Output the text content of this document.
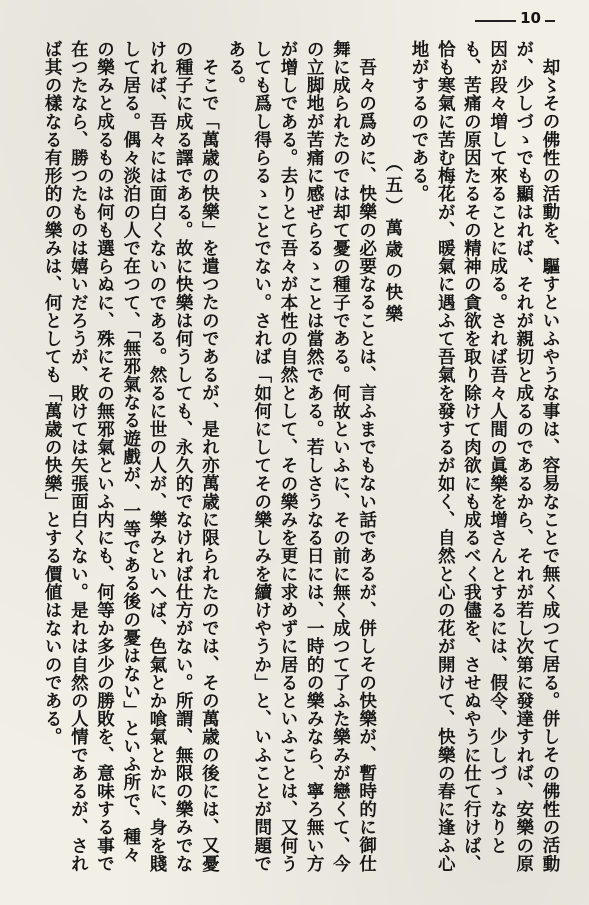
10

却〻その佛性の活動を、驅すといふやうな事は、容易なことで無く成つて居る。併しその佛性の活動が、少しづゝでも顯はれば、それが親切と成るのであるから、それが若し次第に發達すれば、安樂の原因が段々増して來ることに成る。されば吾々人間の眞樂を增さんとするには、假令、少しづゝなりとも、苦痛の原因たるその精神の貪欲を取り除けて肉欲にも成るべく我儘を、させぬやうに仕て行けば、恰も寒氣に苦む梅花が、暖氣に遇ふて吾氣を發するが如く、自然と心の花が開けて、快樂の春に逢ふ心地がするのである。

（五）萬歳の快樂

吾々の爲めに、快樂の必要なることは、言ふまでもない話であるが、併しその快樂が、暫時的に御仕舞に成られたのでは却て憂の種子である。何故といふに、その前に無く成つて了ふた樂みが戀くて、今の立脚地が苦痛に感ぜらるゝことは當然である。若しさうなる日には、一時的の樂みなら、寧ろ無い方が增しである。去りとて吾々が本性の自然として、その樂みを更に求めずに居るといふことは、又何うしても爲し得らるゝことでない。されば「如何にしてその樂しみを續けやうか」と、いふことが問題である。

そこで「萬歳の快樂」を遣つたのであるが、是れ亦萬歳に限られたのでは、その萬歳の後には、又憂の種子に成る譯である。故に快樂は何うしても、永久的でなければ仕方がない。所謂、無限の樂みでなければ、吾々には面白くないのである。然るに世の人が、樂みといへば、色氣とか喰氣とかに、身を賤して居る。偶々淡泊の人で在つて、「無邪氣なる遊戲が、一等である後の憂はない」といふ所で、種々の樂みと成るものは何も選らぬに、殊にその無邪氣といふ内にも、何等か多少の勝敗を、意味する事で在つたなら、勝つたものは嬉いだろうが、敗けては矢張面白くない。是れは自然の人情であるが、されば其の樣なる有形的の樂みは、何としても「萬歳の快樂」とする價値はないのである。
